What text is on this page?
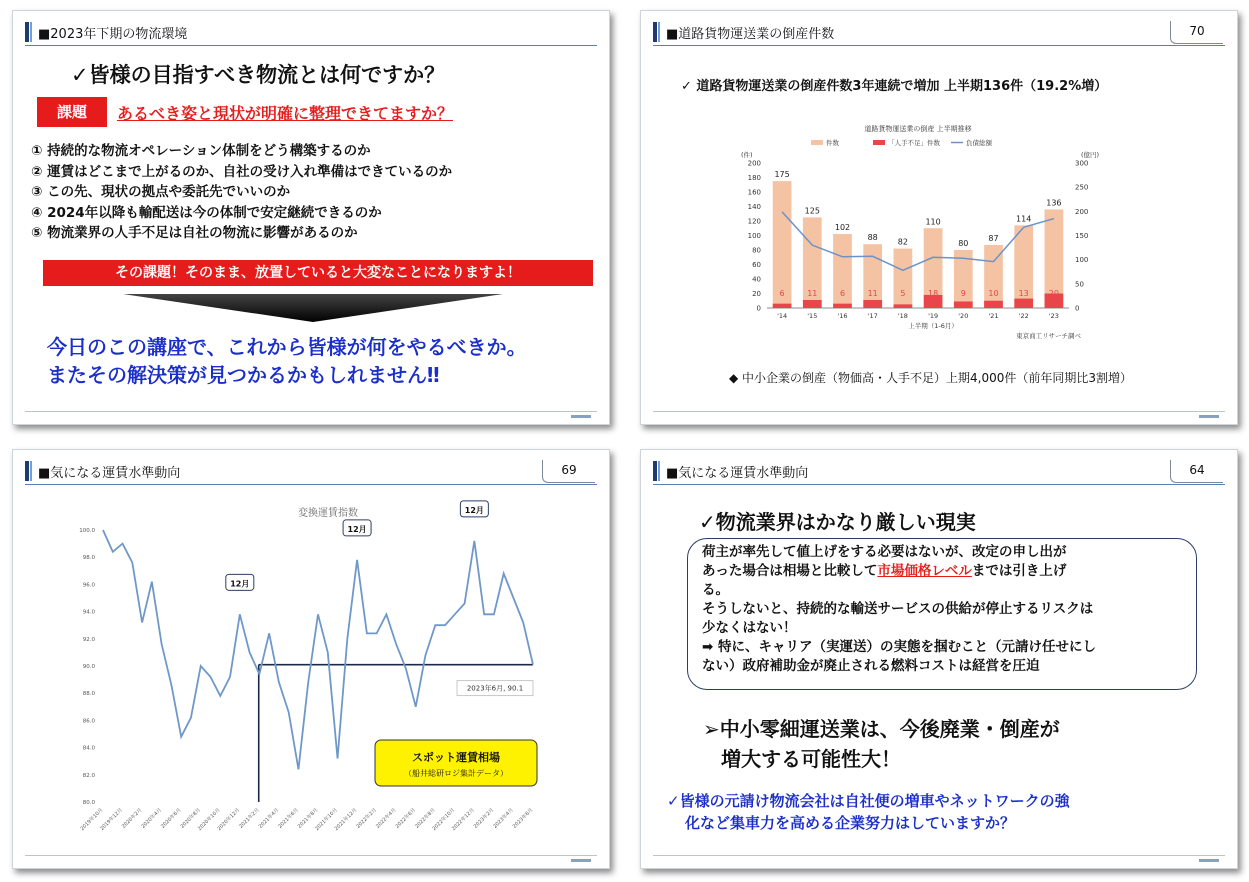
■2023年下期の物流環境
✓皆様の目指すべき物流とは何ですか？
課題	あるべき姿と現状が明確に整理できてますか？
① 持続的な物流オペレーション体制をどう構築するのか
② 運賃はどこまで上がるのか、自社の受け入れ準備はできているのか
③ この先、現状の拠点や委託先でいいのか
④ 2024年以降も輸配送は今の体制で安定継続できるのか
⑤ 物流業界の人手不足は自社の物流に影響があるのか
その課題！そのまま、放置していると大変なことになりますよ！
今日のこの講座で、これから皆様が何をやるべきか。
またその解決策が見つかるかもしれません‼
■道路貨物運送業の倒産件数	70
✓ 道路貨物運送業の倒産件数3年連続で増加 上半期136件（19.2%増）
道路貨物運送業の倒産 上半期推移
件数	「人手不足」件数	負債総額
(件)	(億円)
0
20
40
60
80
100
120
140
160
180
200
0
50
100
150
200
250
300
175
6
'14
125
11
'15
102
6
'16
88
11
'17
82
5
'18
110
18
'19
80
9
'20
87
10
'21
114
13
'22
136
20
'23
上半期（1-6月）
東京商工リサーチ調べ
◆ 中小企業の倒産（物価高・人手不足）上期4,000件（前年同期比3割増）
■気になる運賃水準動向	69
変換運賃指数
100.0
98.0
96.0
94.0
92.0
90.0
88.0
86.0
84.0
82.0
80.0
2019年10月
2019年12月
2020年2月
2020年4月
2020年6月
2020年8月
2020年10月
2020年12月
2021年2月
2021年4月
2021年6月
2021年8月
2021年10月
2021年12月
2022年2月
2022年4月
2022年6月
2022年8月
2022年10月
2022年12月
2023年2月
2023年4月
2023年6月
12月
12月
12月
2023年6月, 90.1
スポット運賃相場
（船井総研ロジ集計データ）
■気になる運賃水準動向	64
✓物流業界はかなり厳しい現実
荷主が率先して値上げをする必要はないが、改定の申し出が
あった場合は相場と比較して市場価格レベルまでは引き上げ
る。
そうしないと、持続的な輸送サービスの供給が停止するリスクは
少なくはない！
➡ 特に、キャリア（実運送）の実態を掴むこと（元請け任せにし
ない）政府補助金が廃止される燃料コストは経営を圧迫
➢中小零細運送業は、今後廃業・倒産が
増大する可能性大！
✓皆様の元請け物流会社は自社便の増車やネットワークの強
化など集車力を高める企業努力はしていますか？
